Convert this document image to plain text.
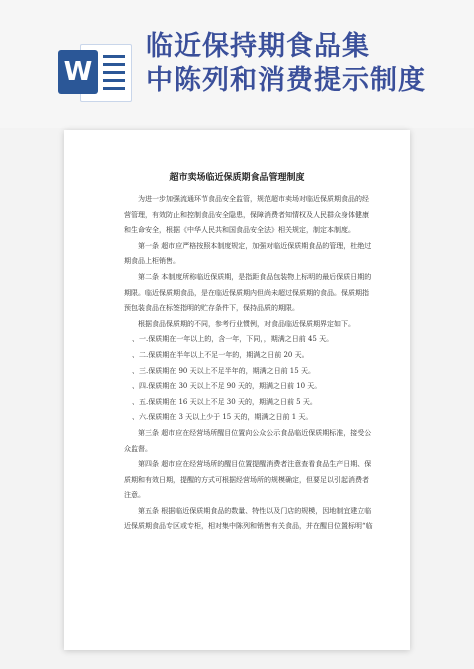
W
临近保持期食品集
中陈列和消费提示制度
超市卖场临近保质期食品管理制度

为进一步加强流通环节食品安全监管，规范超市卖场对临近保质期食品的经营管理，有效防止和控制食品安全隐患，保障消费者知情权及人民群众身体健康和生命安全，根据《中华人民共和国食品安全法》相关规定，制定本制度。

第一条 超市应严格按照本制度规定，加强对临近保质期食品的管理，杜绝过期食品上柜销售。

第二条 本制度所称临近保质期，是指距食品包装物上标明的最后保质日期的期限。临近保质期食品，是在临近保质期内但尚未超过保质期的食品。保质期指预包装食品在标签指明的贮存条件下，保持品质的期限。

根据食品保质期的不同，参考行业惯例，对食品临近保质期界定如下。

、一.保质期在一年以上的，含一年，下同，，期满之日前 45 天。

、二.保质期在半年以上不足一年的，期满之日前 20 天。

、三.保质期在 90 天以上不足半年的，期满之日前 15 天。

、四.保质期在 30 天以上不足 90 天的，期满之日前 10 天。

、五.保质期在 16 天以上不足 30 天的，期满之日前 5 天。

、六.保质期在 3 天以上少于 15 天的，期满之日前 1 天。

第三条 超市应在经营场所醒目位置向公众公示食品临近保质期标准，接受公众监督。

第四条 超市应在经营场所的醒目位置提醒消费者注意查看食品生产日期、保质期和有效日期，提醒的方式可根据经营场所的规模确定，但要足以引起消费者注意。

第五条 根据临近保质期食品的数量、特性以及门店的规模，因地制宜建立临近保质期食品专区或专柜，相对集中陈列和销售有关食品，并在醒目位置标明“临
